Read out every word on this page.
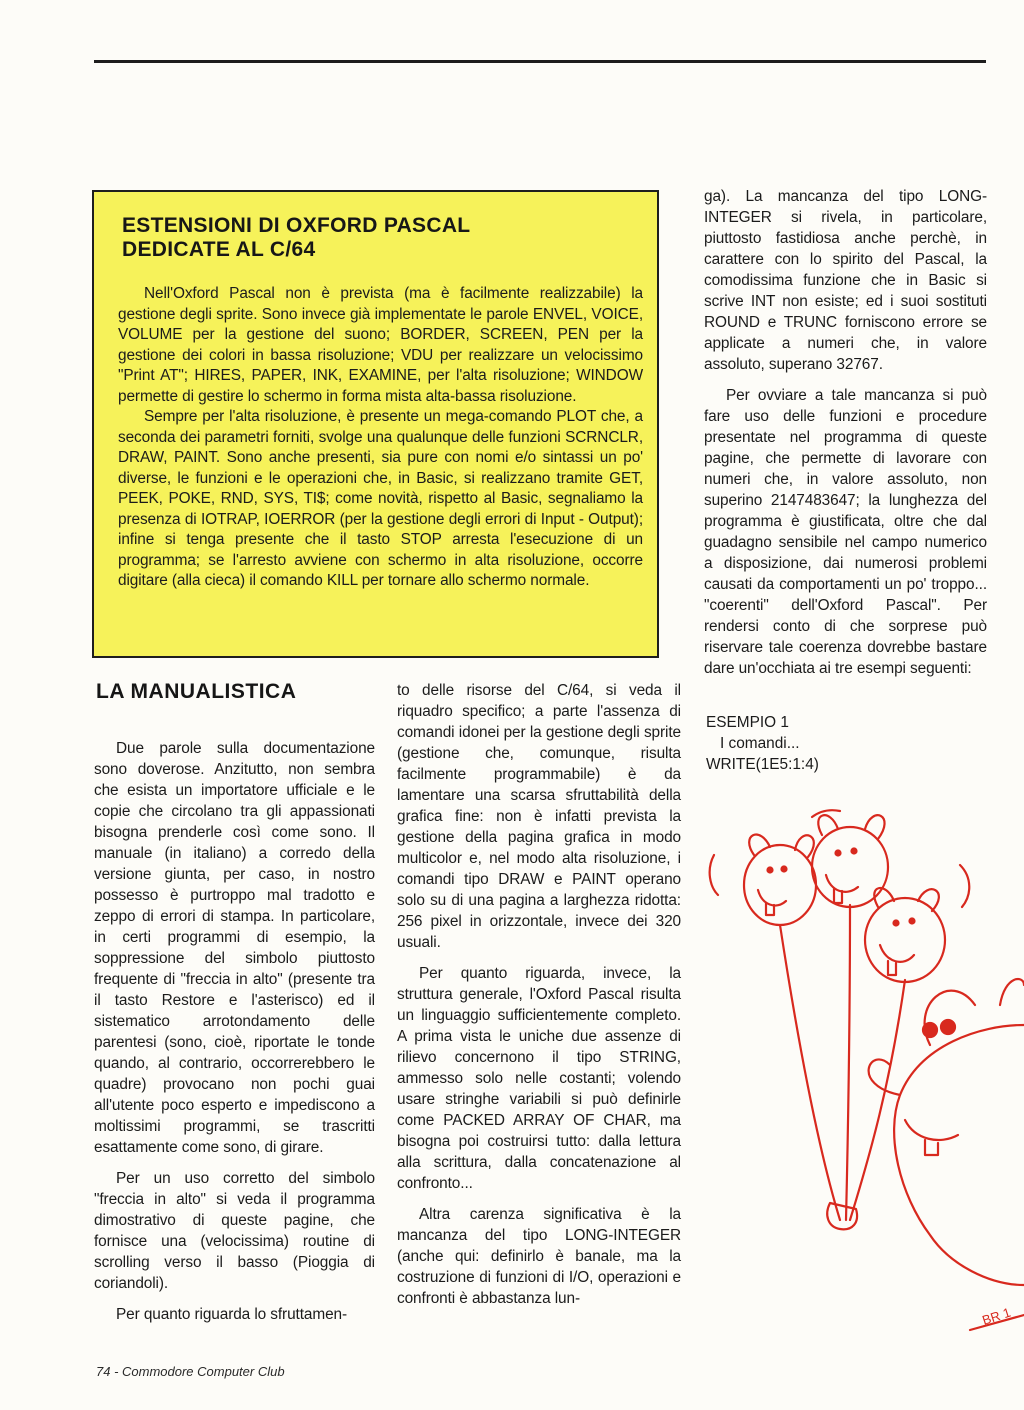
ESTENSIONI DI OXFORD PASCAL
DEDICATE AL C/64

Nell'Oxford Pascal non è prevista (ma è facilmente realizzabile) la gestione degli sprite. Sono invece già implementate le parole ENVEL, VOICE, VOLUME per la gestione del suono; BORDER, SCREEN, PEN per la gestione dei colori in bassa risoluzione; VDU per realizzare un velocissimo "Print AT"; HIRES, PAPER, INK, EXAMINE, per l'alta risoluzione; WINDOW permette di gestire lo schermo in forma mista alta-bassa risoluzione.

Sempre per l'alta risoluzione, è presente un mega-comando PLOT che, a seconda dei parametri forniti, svolge una qualunque delle funzioni SCRNCLR, DRAW, PAINT. Sono anche presenti, sia pure con nomi e/o sintassi un po' diverse, le funzioni e le operazioni che, in Basic, si realizzano tramite GET, PEEK, POKE, RND, SYS, TI$; come novità, rispetto al Basic, segnaliamo la presenza di IOTRAP, IOERROR (per la gestione degli errori di Input - Output); infine si tenga presente che il tasto STOP arresta l'esecuzione di un programma; se l'arresto avviene con schermo in alta risoluzione, occorre digitare (alla cieca) il comando KILL per tornare allo schermo normale.

LA MANUALISTICA

Due parole sulla documentazione sono doverose. Anzitutto, non sembra che esista un importatore ufficiale e le copie che circolano tra gli appassionati bisogna prenderle così come sono. Il manuale (in italiano) a corredo della versione giunta, per caso, in nostro possesso è purtroppo mal tradotto e zeppo di errori di stampa. In particolare, in certi programmi di esempio, la soppressione del simbolo piuttosto frequente di "freccia in alto" (presente tra il tasto Restore e l'asterisco) ed il sistematico arrotondamento delle parentesi (sono, cioè, riportate le tonde quando, al contrario, occorrerebbero le quadre) provocano non pochi guai all'utente poco esperto e impediscono a moltissimi programmi, se trascritti esattamente come sono, di girare.

Per un uso corretto del simbolo "freccia in alto" si veda il programma dimostrativo di queste pagine, che fornisce una (velocissima) routine di scrolling verso il basso (Pioggia di coriandoli).

Per quanto riguarda lo sfruttamen-

to delle risorse del C/64, si veda il riquadro specifico; a parte l'assenza di comandi idonei per la gestione degli sprite (gestione che, comunque, risulta facilmente programmabile) è da lamentare una scarsa sfruttabilità della grafica fine: non è infatti prevista la gestione della pagina grafica in modo multicolor e, nel modo alta risoluzione, i comandi tipo DRAW e PAINT operano solo su di una pagina a larghezza ridotta: 256 pixel in orizzontale, invece dei 320 usuali.

Per quanto riguarda, invece, la struttura generale, l'Oxford Pascal risulta un linguaggio sufficientemente completo. A prima vista le uniche due assenze di rilievo concernono il tipo STRING, ammesso solo nelle costanti; volendo usare stringhe variabili si può definirle come PACKED ARRAY OF CHAR, ma bisogna poi costruirsi tutto: dalla lettura alla scrittura, dalla concatenazione al confronto...

Altra carenza significativa è la mancanza del tipo LONG-INTEGER (anche qui: definirlo è banale, ma la costruzione di funzioni di I/O, operazioni e confronti è abbastanza lun-

ga). La mancanza del tipo LONG-INTEGER si rivela, in particolare, piuttosto fastidiosa anche perchè, in carattere con lo spirito del Pascal, la comodissima funzione che in Basic si scrive INT non esiste; ed i suoi sostituti ROUND e TRUNC forniscono errore se applicate a numeri che, in valore assoluto, superano 32767.

Per ovviare a tale mancanza si può fare uso delle funzioni e procedure presentate nel programma di queste pagine, che permette di lavorare con numeri che, in valore assoluto, non superino 2147483647; la lunghezza del programma è giustificata, oltre che dal guadagno sensibile nel campo numerico a disposizione, dai numerosi problemi causati da comportamenti un po' troppo... "coerenti" dell'Oxford Pascal". Per rendersi conto di che sorprese può riservare tale coerenza dovrebbe bastare dare un'occhiata ai tre esempi seguenti:

ESEMPIO 1
I comandi...
WRITE(1E5:1:4)
BR 1
74 - Commodore Computer Club
